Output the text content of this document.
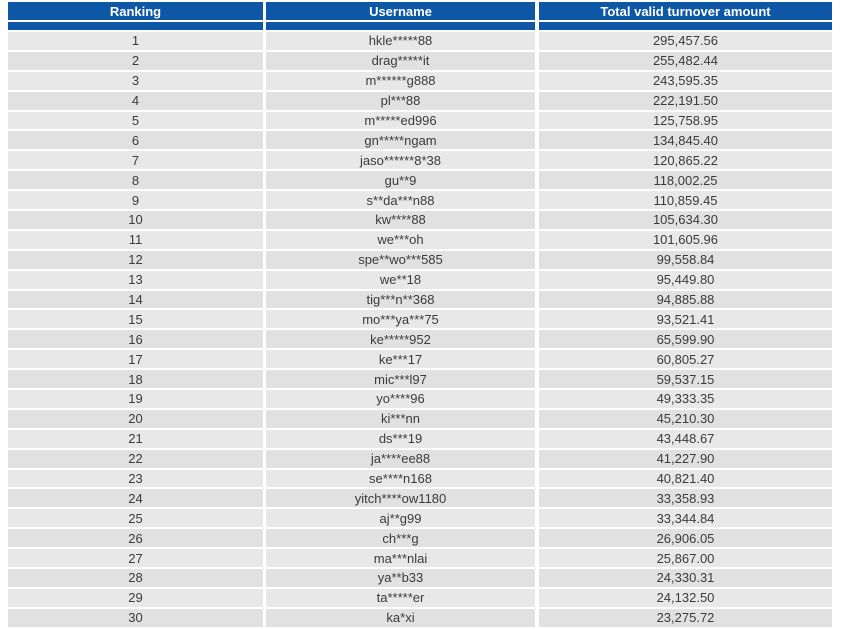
Ranking	Username	Total valid turnover amount
1	hkle*****88	295,457.56
2	drag*****it	255,482.44
3	m******g888	243,595.35
4	pl***88	222,191.50
5	m*****ed996	125,758.95
6	gn*****ngam	134,845.40
7	jaso******8*38	120,865.22
8	gu**9	118,002.25
9	s**da***n88	110,859.45
10	kw****88	105,634.30
11	we***oh	101,605.96
12	spe**wo***585	99,558.84
13	we**18	95,449.80
14	tig***n**368	94,885.88
15	mo***ya***75	93,521.41
16	ke*****952	65,599.90
17	ke***17	60,805.27
18	mic***l97	59,537.15
19	yo****96	49,333.35
20	ki***nn	45,210.30
21	ds***19	43,448.67
22	ja****ee88	41,227.90
23	se****n168	40,821.40
24	yitch****ow1180	33,358.93
25	aj**g99	33,344.84
26	ch***g	26,906.05
27	ma***nlai	25,867.00
28	ya**b33	24,330.31
29	ta*****er	24,132.50
30	ka*xi	23,275.72
